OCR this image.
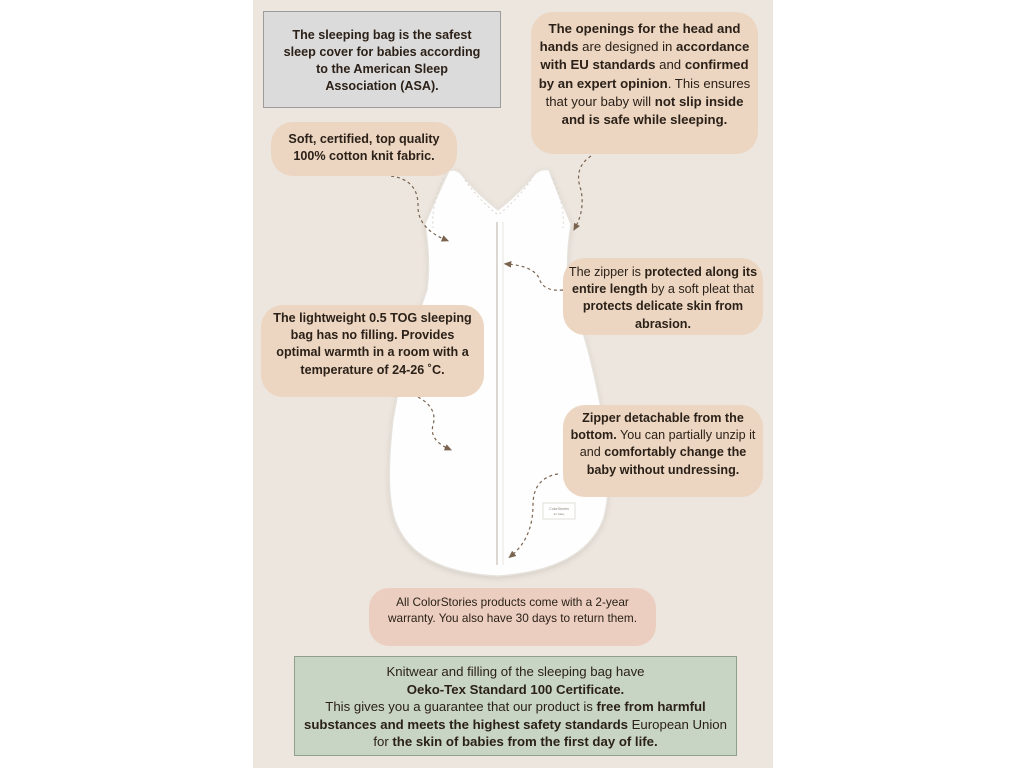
ColorStories
for baby
The sleeping bag is the safest sleep cover for babies according to the American Sleep Association (ASA).
The openings for the head and hands are designed in accordance with EU standards and confirmed by an expert opinion. This ensures that your baby will not slip inside and is safe while sleeping.
Soft, certified, top quality 100% cotton knit fabric.
The zipper is protected along its entire length by a soft pleat that protects delicate skin from abrasion.
The lightweight 0.5 TOG sleeping bag has no filling. Provides optimal warmth in a room with a temperature of 24-26 ˚C.
Zipper detachable from the bottom. You can partially unzip it and comfortably change the baby without undressing.
All ColorStories products come with a 2-year warranty. You also have 30 days to return them.
Knitwear and filling of the sleeping bag have
Oeko-Tex Standard 100 Certificate.
This gives you a guarantee that our product is free from harmful substances and meets the highest safety standards European Union for the skin of babies from the first day of life.
